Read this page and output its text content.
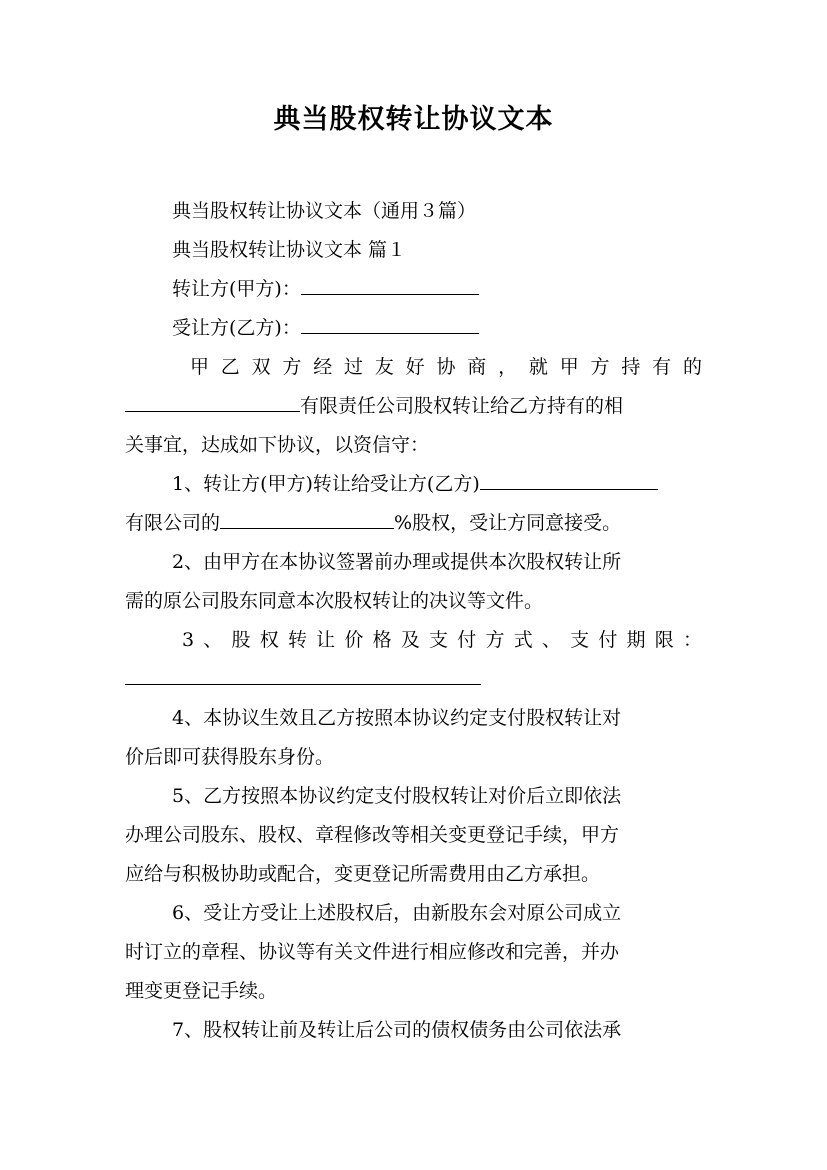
典当股权转让协议文本
典当股权转让协议文本（通用３篇）
典当股权转让协议文本 篇１
转让方(甲方)：
受让方(乙方)：
甲乙双方经过友好协商，就甲方持有的
有限责任公司股权转让给乙方持有的相
关事宜，达成如下协议，以资信守：
1、转让方(甲方)转让给受让方(乙方)
有限公司的	%股权，受让方同意接受。
2、由甲方在本协议签署前办理或提供本次股权转让所
需的原公司股东同意本次股权转让的决议等文件。
3、股权转让价格及支付方式、支付期限：
4、本协议生效且乙方按照本协议约定支付股权转让对
价后即可获得股东身份。
5、乙方按照本协议约定支付股权转让对价后立即依法
办理公司股东、股权、章程修改等相关变更登记手续，甲方
应给与积极协助或配合，变更登记所需费用由乙方承担。
6、受让方受让上述股权后，由新股东会对原公司成立
时订立的章程、协议等有关文件进行相应修改和完善，并办
理变更登记手续。
7、股权转让前及转让后公司的债权债务由公司依法承
